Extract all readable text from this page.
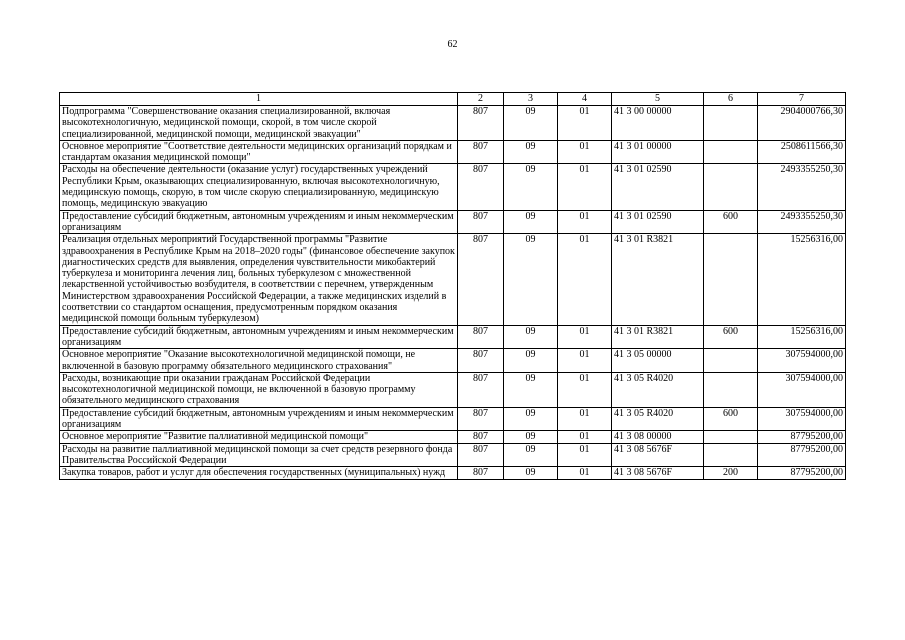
62
1	2	3	4	5	6	7
Подпрограмма "Совершенствование оказания специализированной, включая высокотехнологичную, медицинской помощи, скорой, в том числе скорой специализированной, медицинской помощи, медицинской эвакуации"	807	09	01	41 3 00 00000		2904000766,30
Основное мероприятие "Соответствие деятельности медицинских организаций порядкам и стандартам оказания медицинской помощи"	807	09	01	41 3 01 00000		2508611566,30
Расходы на обеспечение деятельности (оказание услуг) государственных учреждений Республики Крым, оказывающих специализированную, включая высокотехнологичную, медицинскую помощь, скорую, в том числе скорую специализированную, медицинскую помощь, медицинскую эвакуацию	807	09	01	41 3 01 02590		2493355250,30
Предоставление субсидий бюджетным, автономным учреждениям и иным некоммерческим организациям	807	09	01	41 3 01 02590	600	2493355250,30
Реализация отдельных мероприятий Государственной программы "Развитие здравоохранения в Республике Крым на 2018–2020 годы" (финансовое обеспечение закупок диагностических средств для выявления, определения чувствительности микобактерий туберкулеза и мониторинга лечения лиц, больных туберкулезом с множественной лекарственной устойчивостью возбудителя, в соответствии с перечнем, утвержденным Министерством здравоохранения Российской Федерации, а также медицинских изделий в соответствии со стандартом оснащения, предусмотренным порядком оказания медицинской помощи больным туберкулезом)	807	09	01	41 3 01 R3821		15256316,00
Предоставление субсидий бюджетным, автономным учреждениям и иным некоммерческим организациям	807	09	01	41 3 01 R3821	600	15256316,00
Основное мероприятие "Оказание высокотехнологичной медицинской помощи, не включенной в базовую программу обязательного медицинского страхования"	807	09	01	41 3 05 00000		307594000,00
Расходы, возникающие при оказании гражданам Российской Федерации высокотехнологичной медицинской помощи, не включенной в базовую программу обязательного медицинского страхования	807	09	01	41 3 05 R4020		307594000,00
Предоставление субсидий бюджетным, автономным учреждениям и иным некоммерческим организациям	807	09	01	41 3 05 R4020	600	307594000,00
Основное мероприятие "Развитие паллиативной медицинской помощи"	807	09	01	41 3 08 00000		87795200,00
Расходы на развитие паллиативной медицинской помощи за счет средств резервного фонда Правительства Российской Федерации	807	09	01	41 3 08 5676F		87795200,00
Закупка товаров, работ и услуг для обеспечения государственных (муниципальных) нужд	807	09	01	41 3 08 5676F	200	87795200,00
